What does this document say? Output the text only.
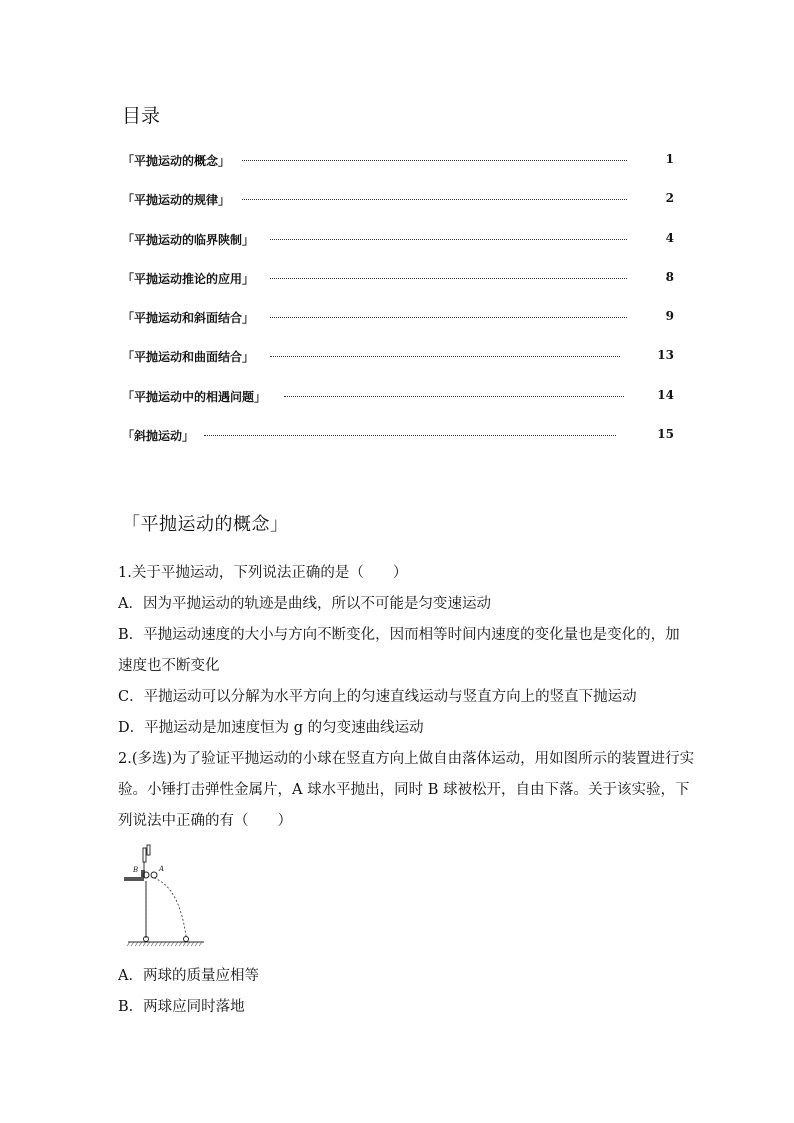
目录
「平抛运动的概念」	1
「平抛运动的规律」	2
「平抛运动的临界陕制」	4
「平抛运动推论的应用」	8
「平抛运动和斜面结合」	9
「平抛运动和曲面结合」	13
「平抛运动中的相遇问题」	14
「斜抛运动」	15
「平抛运动的概念」
1.关于平抛运动，下列说法正确的是（　　）
A．因为平抛运动的轨迹是曲线，所以不可能是匀变速运动
B．平抛运动速度的大小与方向不断变化，因而相等时间内速度的变化量也是变化的，加
速度也不断变化
C．平抛运动可以分解为水平方向上的匀速直线运动与竖直方向上的竖直下抛运动
D．平抛运动是加速度恒为 g 的匀变速曲线运动
2.(多选)为了验证平抛运动的小球在竖直方向上做自由落体运动，用如图所示的装置进行实
验。小锤打击弹性金属片，A 球水平抛出，同时 B 球被松开，自由下落。关于该实验，下
列说法中正确的有（　　）
B	A
A．两球的质量应相等
B．两球应同时落地
